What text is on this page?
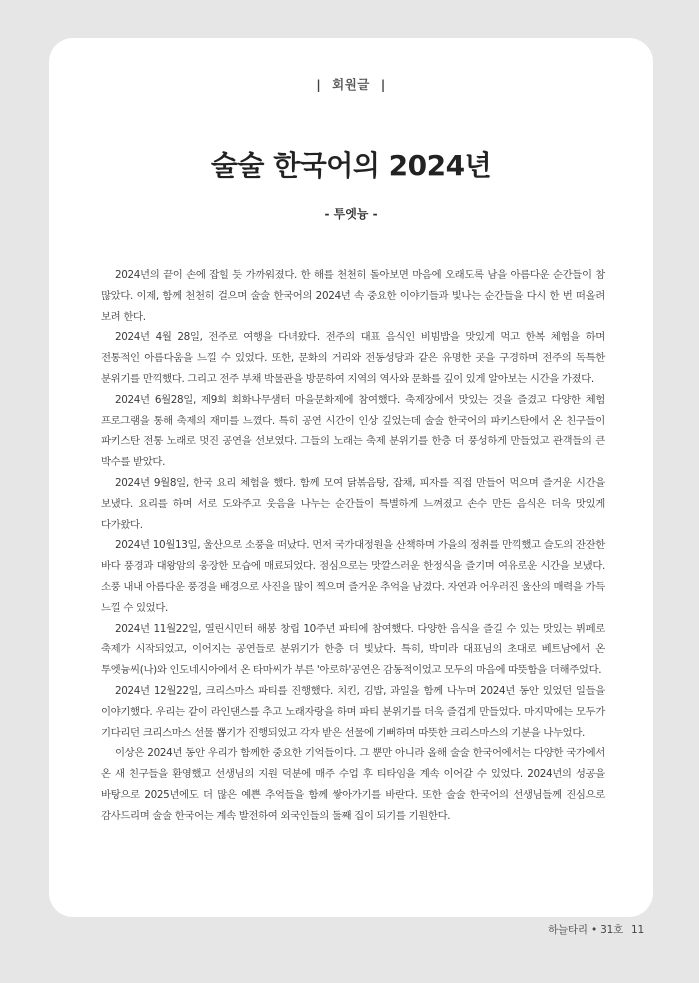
| 회원글 |
술술 한국어의 2024년
- 투엣늉 -

2024년의 끝이 손에 잡힐 듯 가까워졌다. 한 해를 천천히 돌아보면 마음에 오래도록 남을 아름다운 순간들이 참 많았다. 이제, 함께 천천히 걸으며 술술 한국어의 2024년 속 중요한 이야기들과 빛나는 순간들을 다시 한 번 떠올려 보려 한다.

2024년 4월 28일, 전주로 여행을 다녀왔다. 전주의 대표 음식인 비빔밥을 맛있게 먹고 한복 체험을 하며 전통적인 아름다움을 느낄 수 있었다. 또한, 문화의 거리와 전동성당과 같은 유명한 곳을 구경하며 전주의 독특한 분위기를 만끽했다. 그리고 전주 부채 박물관을 방문하여 지역의 역사와 문화를 깊이 있게 알아보는 시간을 가졌다.

2024년 6월28일, 제9회 회화나무샘터 마을문화제에 참여했다. 축제장에서 맛있는 것을 즐겼고 다양한 체험 프로그램을 통해 축제의 재미를 느꼈다. 특히 공연 시간이 인상 깊었는데 술술 한국어의 파키스탄에서 온 친구들이 파키스탄 전통 노래로 멋진 공연을 선보였다. 그들의 노래는 축제 분위기를 한층 더 풍성하게 만들었고 관객들의 큰 박수를 받았다.

2024년 9월8일, 한국 요리 체험을 했다. 함께 모여 닭볶음탕, 잡채, 피자를 직접 만들어 먹으며 즐거운 시간을 보냈다. 요리를 하며 서로 도와주고 웃음을 나누는 순간들이 특별하게 느껴졌고 손수 만든 음식은 더욱 맛있게 다가왔다.

2024년 10월13일, 울산으로 소풍을 떠났다. 먼저 국가대정원을 산책하며 가을의 정취를 만끽했고 슬도의 잔잔한 바다 풍경과 대왕암의 웅장한 모습에 매료되었다. 점심으로는 맛깔스러운 한정식을 즐기며 여유로운 시간을 보냈다. 소풍 내내 아름다운 풍경을 배경으로 사진을 많이 찍으며 즐거운 추억을 남겼다. 자연과 어우러진 울산의 매력을 가득 느낄 수 있었다.

2024년 11월22일, 열린시민터 해봉 창립 10주년 파티에 참여했다. 다양한 음식을 즐길 수 있는 맛있는 뷔페로 축제가 시작되었고, 이어지는 공연들로 분위기가 한층 더 빛났다. 특히, 박미라 대표님의 초대로 베트남에서 온 투엣늉씨(나)와 인도네시아에서 온 타마씨가 부른 '아로하'공연은 감동적이었고 모두의 마음에 따뜻함을 더해주었다.

2024년 12월22일, 크리스마스 파티를 진행했다. 치킨, 김밥, 과일을 함께 나누며 2024년 동안 있었던 일들을 이야기했다. 우리는 같이 라인댄스를 추고 노래자랑을 하며 파티 분위기를 더욱 즐겁게 만들었다. 마지막에는 모두가 기다리던 크리스마스 선물 뽑기가 진행되었고 각자 받은 선물에 기뻐하며 따뜻한 크리스마스의 기분을 나누었다.

이상은 2024년 동안 우리가 함께한 중요한 기억들이다. 그 뿐만 아니라 올해 술술 한국어에서는 다양한 국가에서 온 새 친구들을 환영했고 선생님의 지원 덕분에 매주 수업 후 티타임을 계속 이어갈 수 있었다. 2024년의 성공을 바탕으로 2025년에도 더 많은 예쁜 추억들을 함께 쌓아가기를 바란다. 또한 술술 한국어의 선생님들께 진심으로 감사드리며 술술 한국어는 계속 발전하여 외국인들의 둘째 집이 되기를 기원한다.

하늘타리 • 31호 11
